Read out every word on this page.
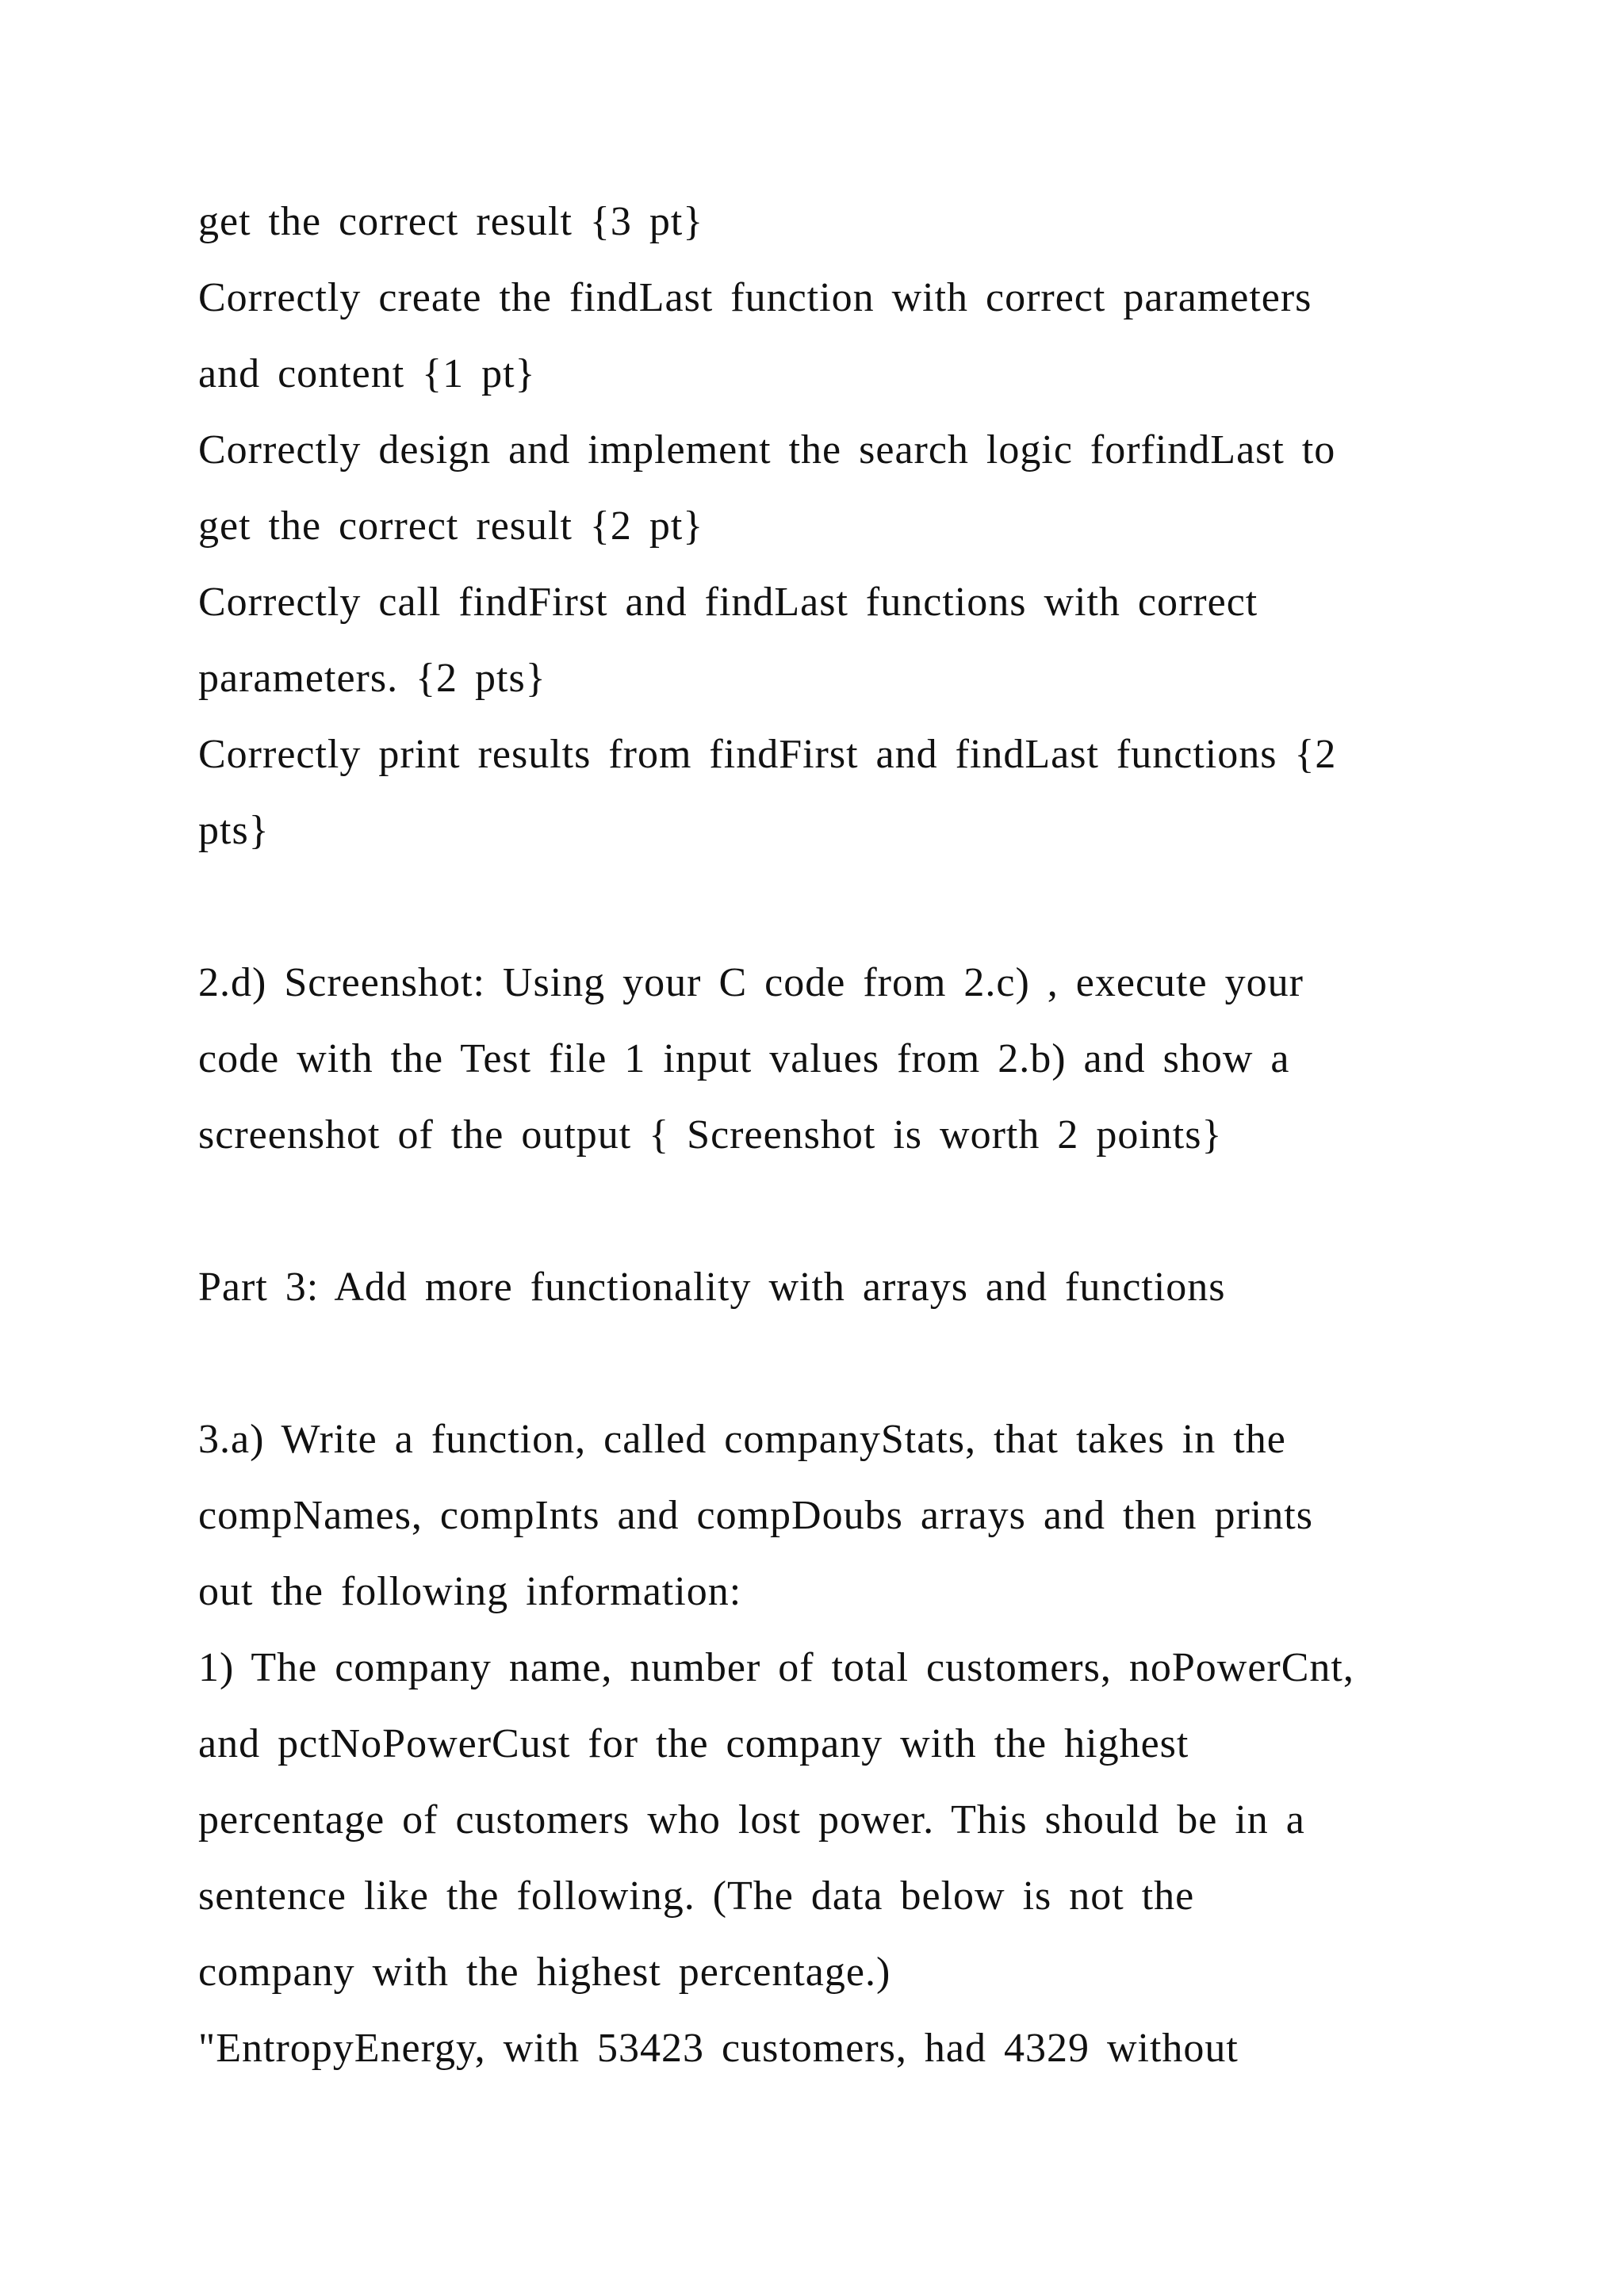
get the correct result {3 pt}
Correctly create the findLast function with correct parameters
and content {1 pt}
Correctly design and implement the search logic forfindLast to
get the correct result {2 pt}
Correctly call findFirst and findLast functions with correct
parameters. {2 pts}
Correctly print results from findFirst and findLast functions {2
pts}
2.d) Screenshot: Using your C code from 2.c) , execute your
code with the Test file 1 input values from 2.b) and show a
screenshot of the output { Screenshot is worth 2 points}
Part 3: Add more functionality with arrays and functions
3.a) Write a function, called companyStats, that takes in the
compNames, compInts and compDoubs arrays and then prints
out the following information:
1) The company name, number of total customers, noPowerCnt,
and pctNoPowerCust for the company with the highest
percentage of customers who lost power. This should be in a
sentence like the following. (The data below is not the
company with the highest percentage.)
"EntropyEnergy, with 53423 customers, had 4329 without
